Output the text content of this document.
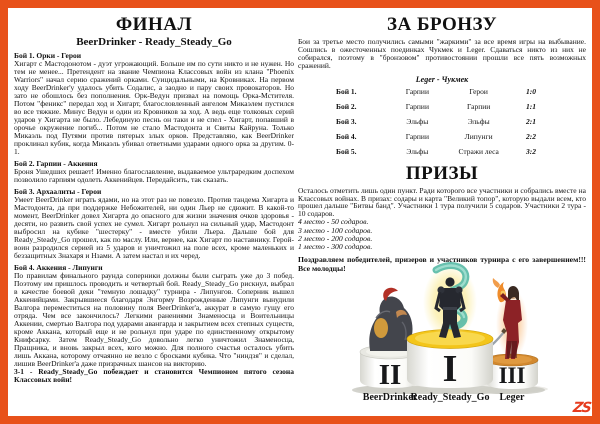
ФИНАЛ
BeerDrinker - Ready_Steady_Go
Бой 1. Орки - Герои
Хигарт с Мастодонотом - дуэт угрожающий. Больше им по сути никто и не нужен. Но тем не менее... Претендент на звание Чемпиона Классовых войн из клана "Phoenix Warriors" начал серию сражений орками. Суицидальными, на Кровниках. На первом ходу BeerDrinker'у удалось убить Содалис, а заодно и пару своих провокаторов. Но зато не обошлось без пополнения. Орк-Ведун призвал на помощь Орка-Мстителя. Потом "феникс" передал ход и Хигарт, благословленный ангелом Микаэлем пустился во все тяжкие. Минус Ведун и один из Кровников за ход. А ведь еще толковых серий ударов у Хигарта не было. Лебединую песнь он таки и не спел - Хигарт, попавший в орочье окружение погиб... Потом не стало Мастодонта и Свиты Кайруна. Только Микаэль под Путями против пятерых злых орков. Представляю, как BeerDrinker проклинал кубик, когда Микаэль убивал ответными ударами одного орка за другим. 0-1.
Бой 2. Гарпии - Аккения
Броня Ушедших решает! Именно благославление, выдаваемое ультраредким доспехом позволило гарпиям одолеть Аккенийцев. Передайсить, так сказать.
Бой 3. Архаалиты - Герои
Умеет BeerDrinker играть ядами, но на этот раз не повезло. Против тандема Хигарта и Мастодонта, да при поддержке Небожителей, ни один Льер не сдюжит. В какой-то момент, BeerDrinker довел Хигарта до опасного для жизни значения очков здоровья - десяти, но развить свой успех не сумел. Хигарт рольнул на сильный удар, Мастодонт выбросил на кубике "шестерку" - вместе убили Льера. Дальше бой для Ready_Steady_Go прошел, как по маслу. Или, вернее, как Хигарт по наставнику. Герой-воин разродился серией из 5 ударов и уничтожил на поле всех, кроме маленьких и беззащитных Знахаря и Нзами. А затем настал и их черед.
Бой 4. Аккения - Липунги
По правилам финального раунда соперники должны были сыграть уже до 3 побед. Поэтому им пришлось проводить и четвертый бой. Ready_Steady_Go рискнул, выбрал в качестве боевой деки "темную лошадку" турнира - Липунгов. Соперник вышел Аккенийцами. Закрывшиеся благодаря Энгорму Возрожденные Липунги вынудили Валгора переместиться на половину поля BeerDrinker'а, аккурат в самую гущу его отряда. Чем все закончилось? Легкими ранениями Знаменосца и Воительницы Аккении, смертью Валгора под ударами авангарда и закрытием всех степных существ, кроме Аккана, который еще и не рольнул при ударе по единственному открытому Книфсарку. Затем Ready_Steady_Go довольно легко уничтожил Знаменосца, Пращника, и вновь закрыл всех, кого можно. Для полного счастья осталось убить лишь Аккана, которому отчаянно не везло с бросками кубика. Что "ниндзя" и сделал, лишив BeerDrinker'а даже призрачных шансов на викторию.
3-1 - Ready_Steady_Go побеждает и становится Чемпионом пятого сезона Классовых войн!
ЗА БРОНЗУ
Бои за третье место получились самыми "жаркими" за все время игры на выбывание. Сошлись в ожесточенных поединках Чукмек и Leger. Сдаваться никто из них не собирался, поэтому в "бронзовом" противостоянии прошли все пять возможных сражений.
Leger - Чукмек
Бой 1.	Гарпии	Герои	1:0
Бой 2.	Гарпии	Гарпии	1:1
Бой 3.	Эльфы	Эльфы	2:1
Бой 4.	Гарпии	Липунги	2:2
Бой 5.	Эльфы	Стражи леса	3:2
ПРИЗЫ
Осталось отметить лишь один пункт. Ради которого все участники и собрались вместе на Классовых войнах. В призах: содары и карта "Великий топор", которую выдали всем, кто прошел дальше "Битвы банд". Участники 1 тура получили 5 содаров. Участники 2 тура - 10 содаров.
4 место - 50 содаров.
3 место - 100 содаров.
2 место - 200 содаров.
1 место - 300 содаров.
Поздравляем победителей, призеров и участников турнира с его завершением!!! Все молодцы!
II	III
I
BeerDrinker
Ready_Steady_Go Leger
ZS
